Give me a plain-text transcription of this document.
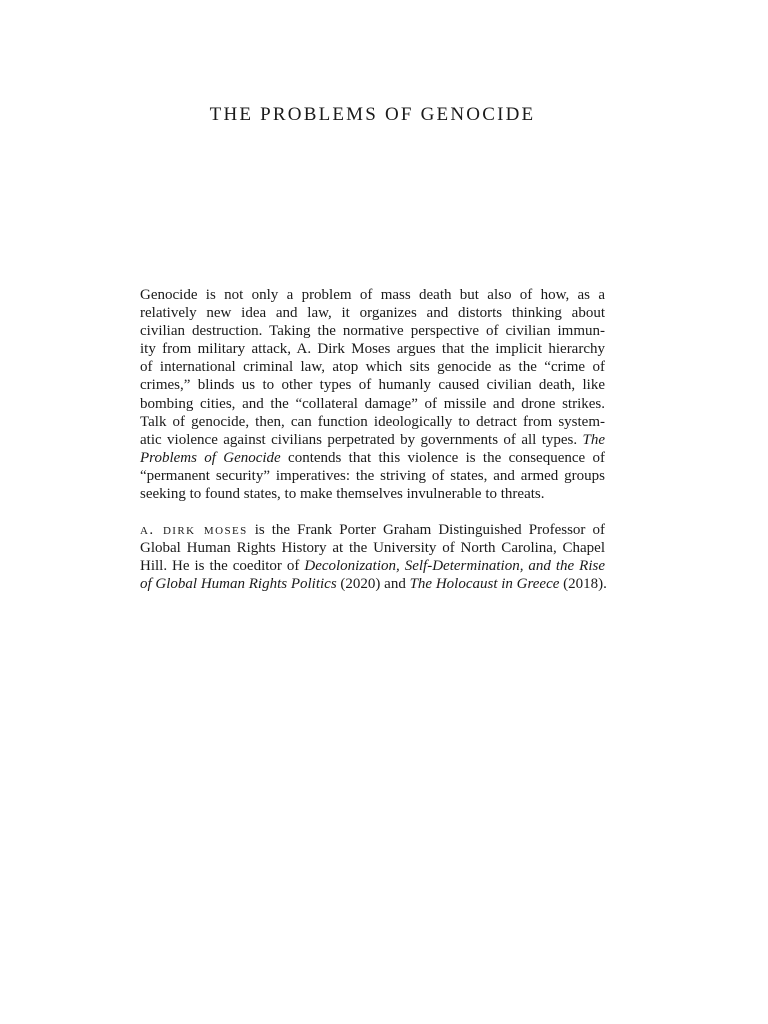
THE PROBLEMS OF GENOCIDE
Genocide is not only a problem of mass death but also of how, as a
relatively new idea and law, it organizes and distorts thinking about
civilian destruction. Taking the normative perspective of civilian immun-
ity from military attack, A. Dirk Moses argues that the implicit hierarchy
of international criminal law, atop which sits genocide as the “crime of
crimes,” blinds us to other types of humanly caused civilian death, like
bombing cities, and the “collateral damage” of missile and drone strikes.
Talk of genocide, then, can function ideologically to detract from system-
atic violence against civilians perpetrated by governments of all types. The
Problems of Genocide contends that this violence is the consequence of
“permanent security” imperatives: the striving of states, and armed groups
seeking to found states, to make themselves invulnerable to threats.
a. dirk moses is the Frank Porter Graham Distinguished Professor of
Global Human Rights History at the University of North Carolina, Chapel
Hill. He is the coeditor of Decolonization, Self-Determination, and the Rise
of Global Human Rights Politics (2020) and The Holocaust in Greece (2018).
